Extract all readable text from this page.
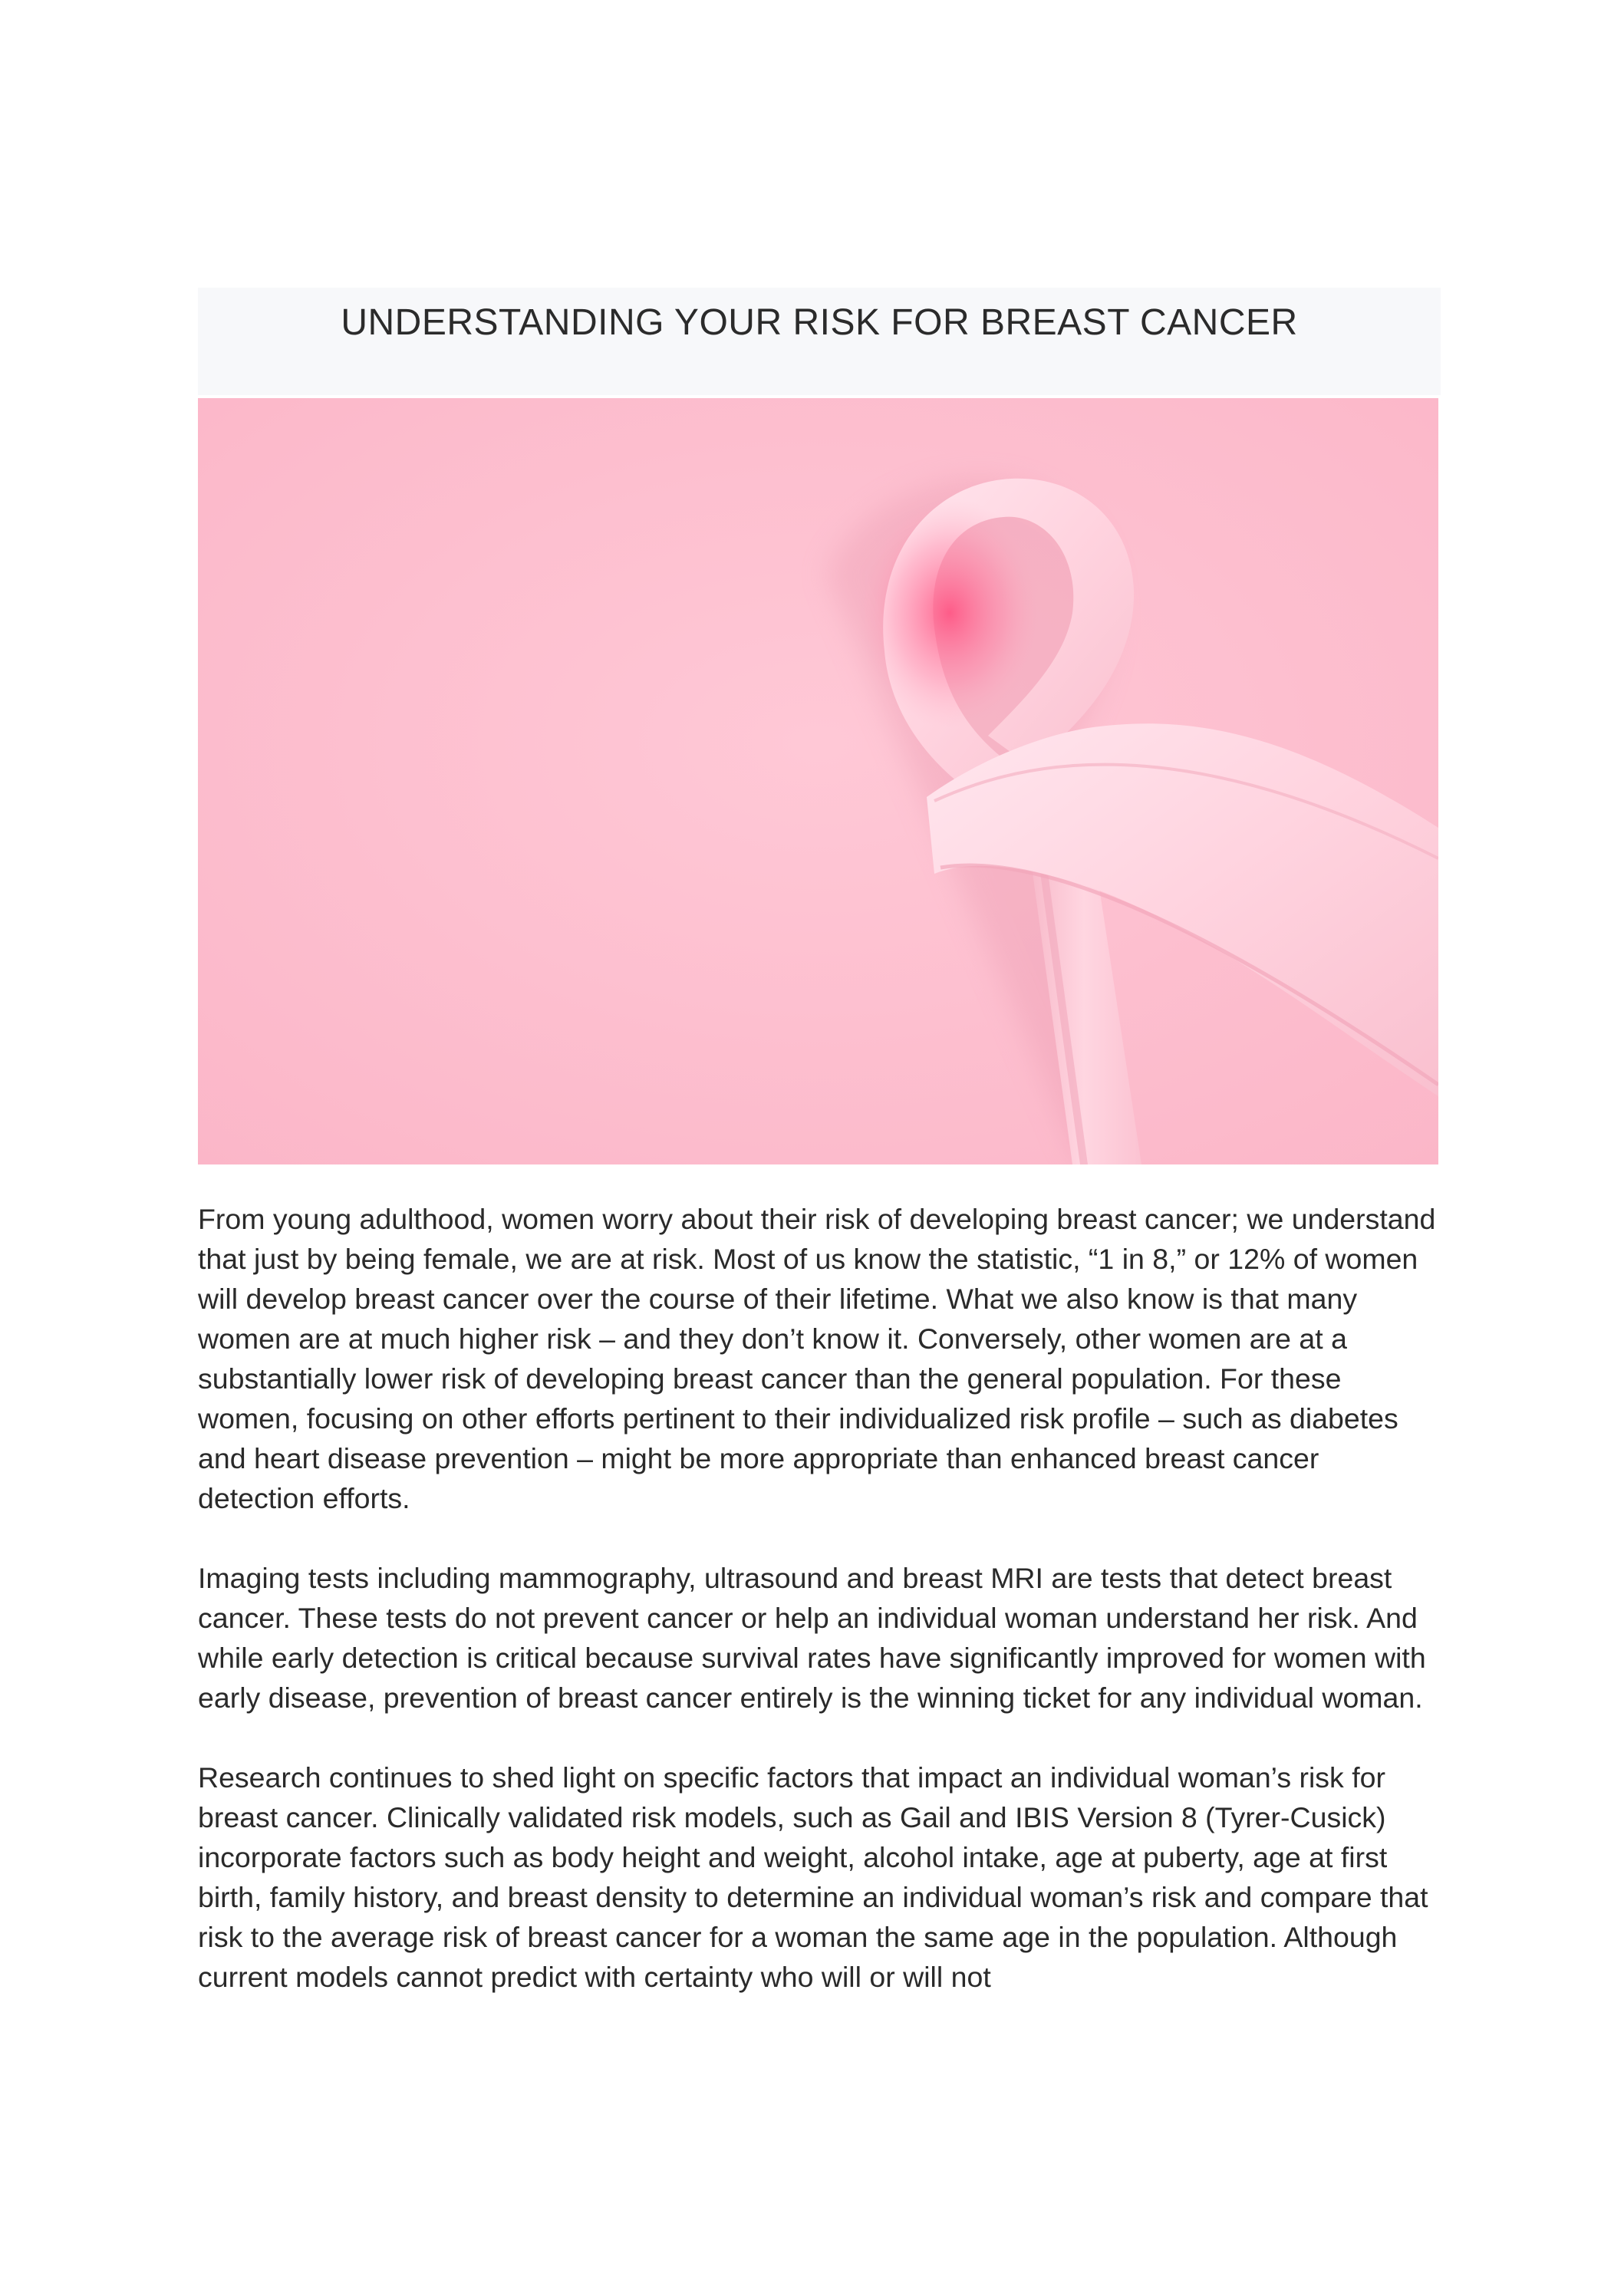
UNDERSTANDING YOUR RISK FOR BREAST CANCER

From young adulthood, women worry about their risk of developing breast cancer; we understand that just by being female, we are at risk. Most of us know the statistic, “1 in 8,” or 12% of women will develop breast cancer over the course of their lifetime. What we also know is that many women are at much higher risk – and they don’t know it. Conversely, other women are at a substantially lower risk of developing breast cancer than the general population. For these women, focusing on other efforts pertinent to their individualized risk profile – such as diabetes and heart disease prevention – might be more appropriate than enhanced breast cancer detection efforts.

Imaging tests including mammography, ultrasound and breast MRI are tests that detect breast cancer. These tests do not prevent cancer or help an individual woman understand her risk. And while early detection is critical because survival rates have significantly improved for women with early disease, prevention of breast cancer entirely is the winning ticket for any individual woman.

Research continues to shed light on specific factors that impact an individual woman’s risk for breast cancer. Clinically validated risk models, such as Gail and IBIS Version 8 (Tyrer-Cusick) incorporate factors such as body height and weight, alcohol intake, age at puberty, age at first birth, family history, and breast density to determine an individual woman’s risk and compare that risk to the average risk of breast cancer for a woman the same age in the population. Although current models cannot predict with certainty who will or will not
